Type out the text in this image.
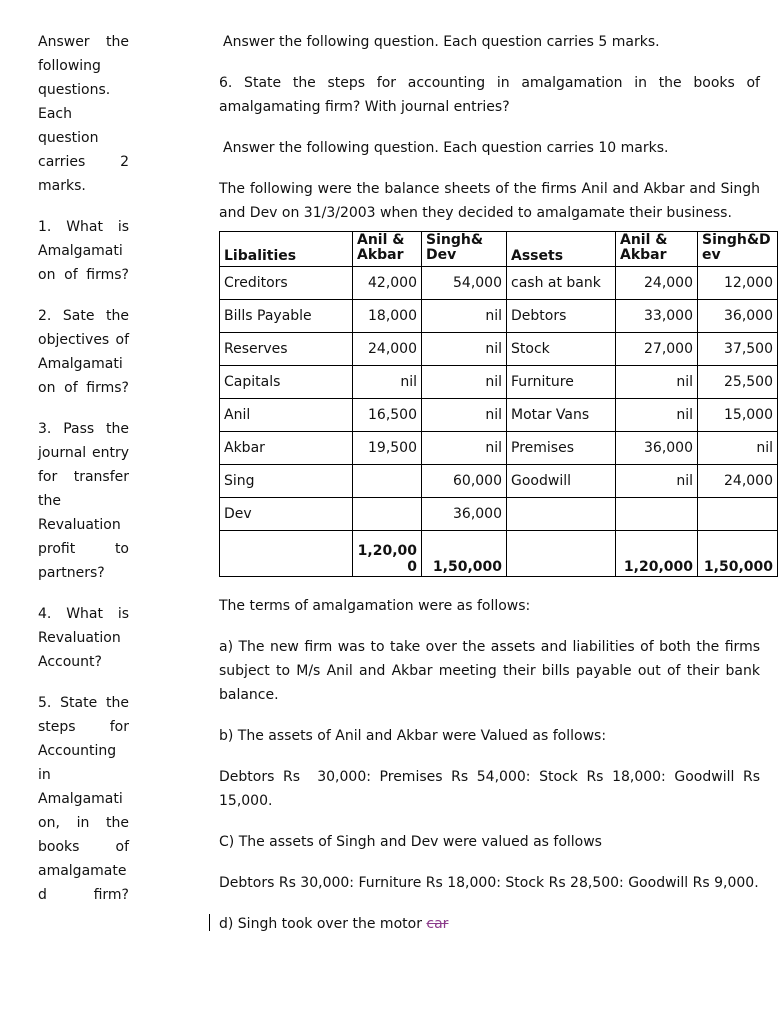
Answer the
following
questions.
Each
question
carries 2
marks.

1. What is
Amalgamati
on of firms?

2. Sate the
objectives of
Amalgamati
on of firms?

3. Pass the
journal entry
for transfer
the
Revaluation
profit	to
partners?

4. What is
Revaluation
Account?

5. State the
steps for
Accounting
in
Amalgamati
on, in the
books	of
amalgamate
d	firm?

Answer the following question. Each question carries 5 marks.

6. State the steps for accounting in amalgamation in the books of amalgamating firm? With journal entries?

Answer the following question. Each question carries 10 marks.

The following were the balance sheets of the firms Anil and Akbar and Singh and Dev on 31/3/2003 when they decided to amalgamate their business.

Libalities	Anil & Akbar	Singh& Dev	Assets	Anil & Akbar	Singh&Dev
Creditors	42,000	54,000	cash at bank	24,000	12,000
Bills Payable	18,000	nil	Debtors	33,000	36,000
Reserves	24,000	nil	Stock	27,000	37,500
Capitals	nil	nil	Furniture	nil	25,500
Anil	16,500	nil	Motar Vans	nil	15,000
Akbar	19,500	nil	Premises	36,000	nil
Sing		60,000	Goodwill	nil	24,000
Dev		36,000			
	1,20,000	1,50,000		1,20,000	1,50,000

The terms of amalgamation were as follows:

a) The new firm was to take over the assets and liabilities of both the firms subject to M/s Anil and Akbar meeting their bills payable out of their bank balance.

b) The assets of Anil and Akbar were Valued as follows:

Debtors Rs  30,000: Premises Rs 54,000: Stock Rs 18,000: Goodwill Rs 15,000.

C) The assets of Singh and Dev were valued as follows

Debtors Rs 30,000: Furniture Rs 18,000: Stock Rs 28,500: Goodwill Rs 9,000.

d) Singh took over the motor car
